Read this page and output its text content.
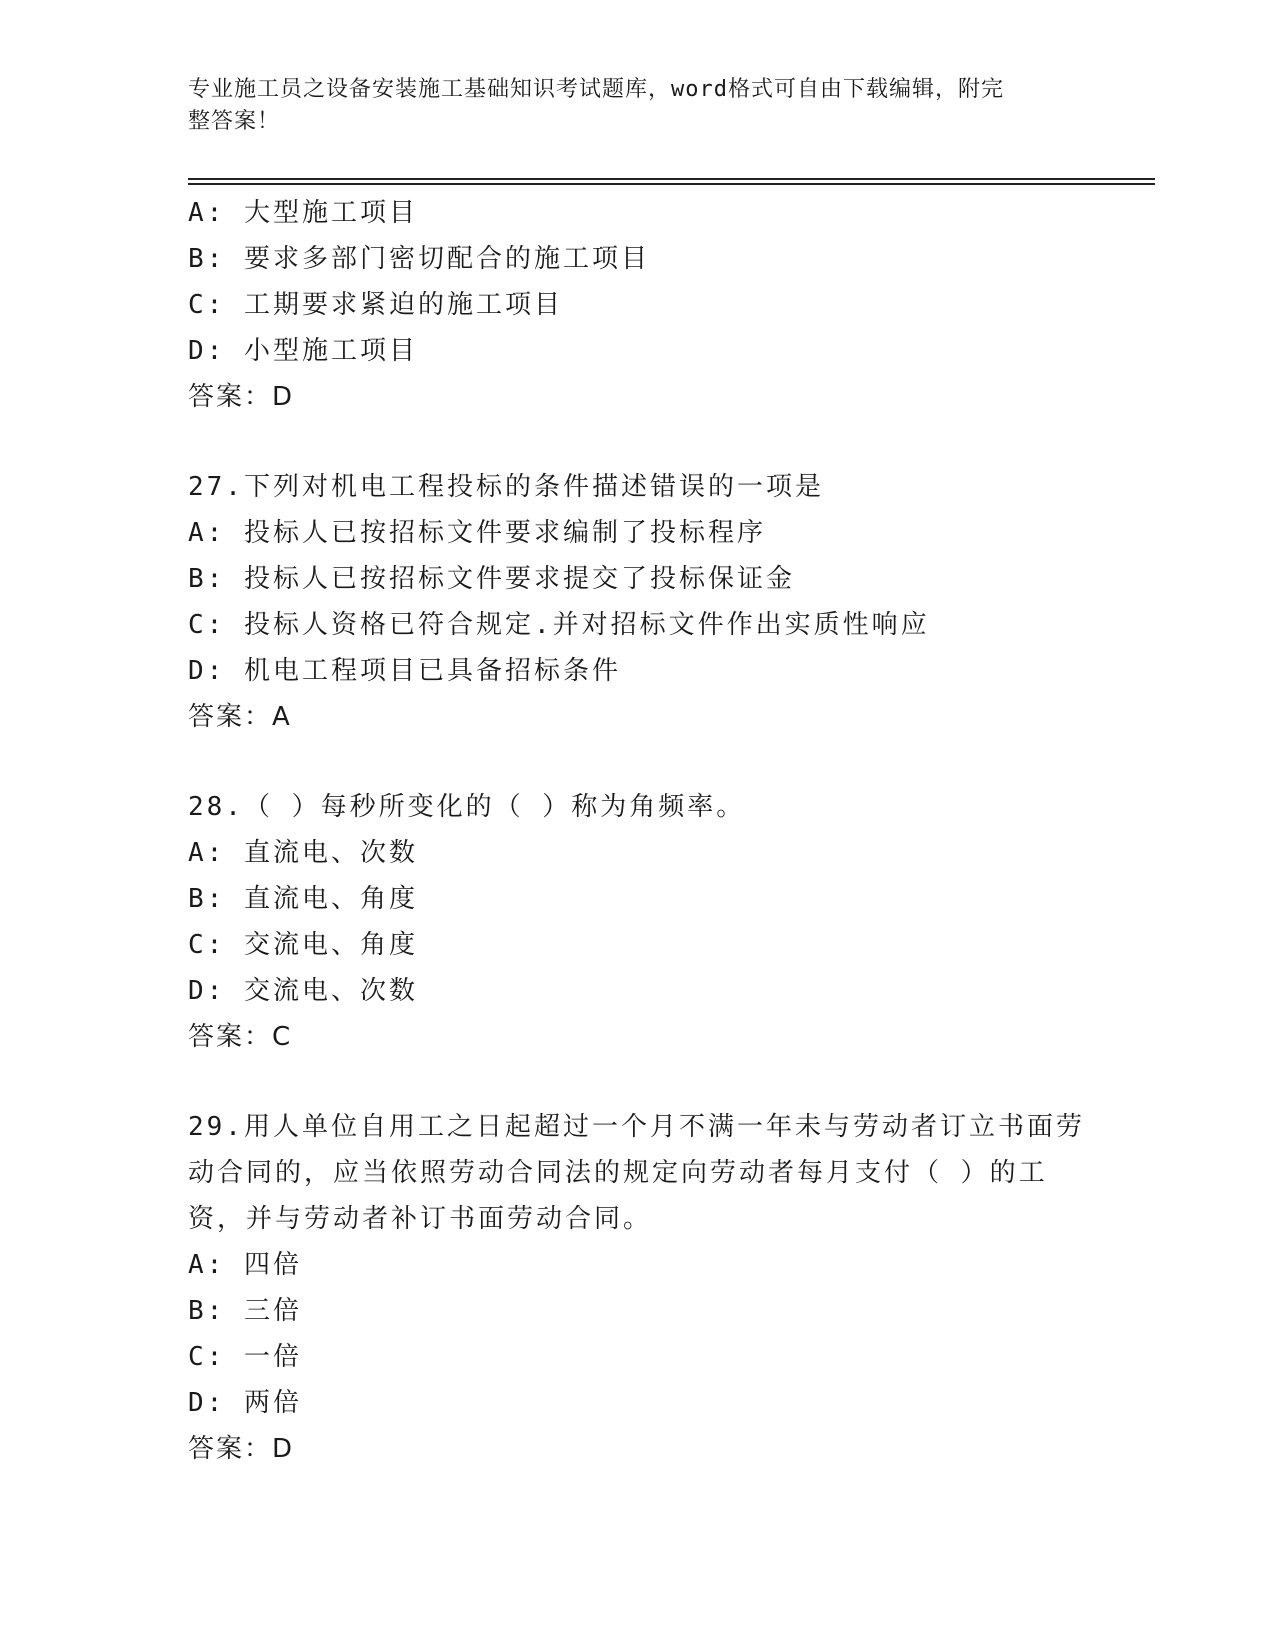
专业施工员之设备安装施工基础知识考试题库，word格式可自由下载编辑，附完
整答案！
A: 大型施工项目
B: 要求多部门密切配合的施工项目
C: 工期要求紧迫的施工项目
D: 小型施工项目
答案：D
27.下列对机电工程投标的条件描述错误的一项是
A: 投标人已按招标文件要求编制了投标程序
B: 投标人已按招标文件要求提交了投标保证金
C: 投标人资格已符合规定.并对招标文件作出实质性响应
D: 机电工程项目已具备招标条件
答案：A
28.（ ）每秒所变化的（ ）称为角频率。
A: 直流电、次数
B: 直流电、角度
C: 交流电、角度
D: 交流电、次数
答案：C
29.用人单位自用工之日起超过一个月不满一年未与劳动者订立书面劳动合同的，应当依照劳动合同法的规定向劳动者每月支付（ ）的工资，并与劳动者补订书面劳动合同。
A: 四倍
B: 三倍
C: 一倍
D: 两倍
答案：D
